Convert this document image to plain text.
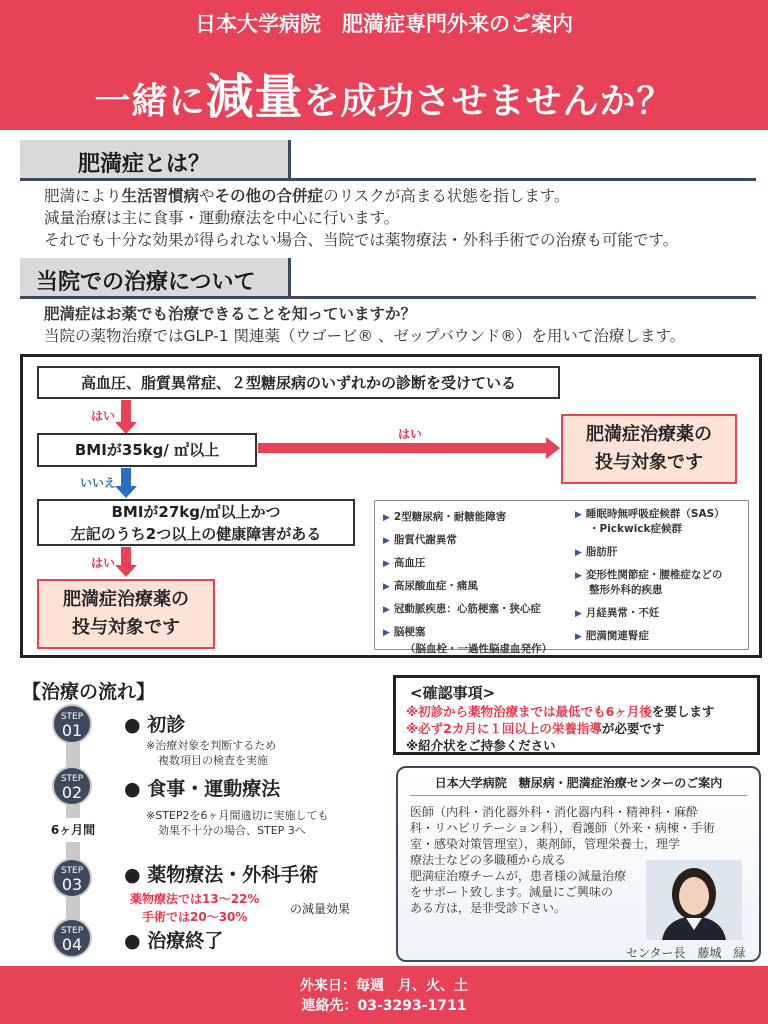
日本大学病院　肥満症専門外来のご案内
一緒に減量を成功させませんか？
肥満症とは？
肥満により生活習慣病やその他の合併症のリスクが高まる状態を指します。
減量治療は主に食事・運動療法を中心に行います。
それでも十分な効果が得られない場合、当院では薬物療法・外科手術での治療も可能です。
当院での治療について
肥満症はお薬でも治療できることを知っていますか？
当院の薬物治療ではGLP-1 関連薬（ウゴービ® 、ゼップバウンド®）を用いて治療します。
高血圧、脂質異常症、２型糖尿病のいずれかの診断を受けている
はい
BMIが35kg/ ㎡以上
はい	肥満症治療薬の
投与対象です
いいえ
BMIが27kg/㎡以上かつ
左記のうち2つ以上の健康障害がある
はい
肥満症治療薬の
投与対象です
▶ 2型糖尿病・耐糖能障害
▶ 脂質代謝異常
▶ 高血圧
▶ 高尿酸血症・痛風
▶ 冠動脈疾患：心筋梗塞・狭心症
▶ 脳梗塞
（脳血栓・一過性脳虚血発作）
▶ 睡眠時無呼吸症候群（SAS）
・Pickwick症候群
▶ 脂肪肝
▶ 変形性関節症・腰椎症などの
整形外科的疾患
▶ 月経異常・不妊
▶ 肥満関連腎症
【治療の流れ】
STEP
01	● 初診
※治療対象を判断するため
複数項目の検査を実施
STEP
02	● 食事・運動療法
※STEP2を6ヶ月間適切に実施しても
効果不十分の場合、STEP 3へ
6ヶ月間
STEP
03	● 薬物療法・外科手術
薬物療法では13～22%
手術では20～30%
の減量効果
STEP
04	● 治療終了
<確認事項>
※初診から薬物治療までは最低でも6ヶ月後を要します
※必ず2カ月に１回以上の栄養指導が必要です
※紹介状をご持参ください
日本大学病院　糖尿病・肥満症治療センターのご案内
医師（内科・消化器外科・消化器内科・精神科・麻酔
科・リハビリテーション科），看護師（外来・病棟・手術
室・感染対策管理室），薬剤師，管理栄養士，理学
療法士などの多職種から成る
肥満症治療チームが，患者様の減量治療
をサポート致します。減量にご興味の
ある方は，是非受診下さい。
センター長　藤城　緑
外来日：毎週　月、火、土
連絡先：03-3293-1711
